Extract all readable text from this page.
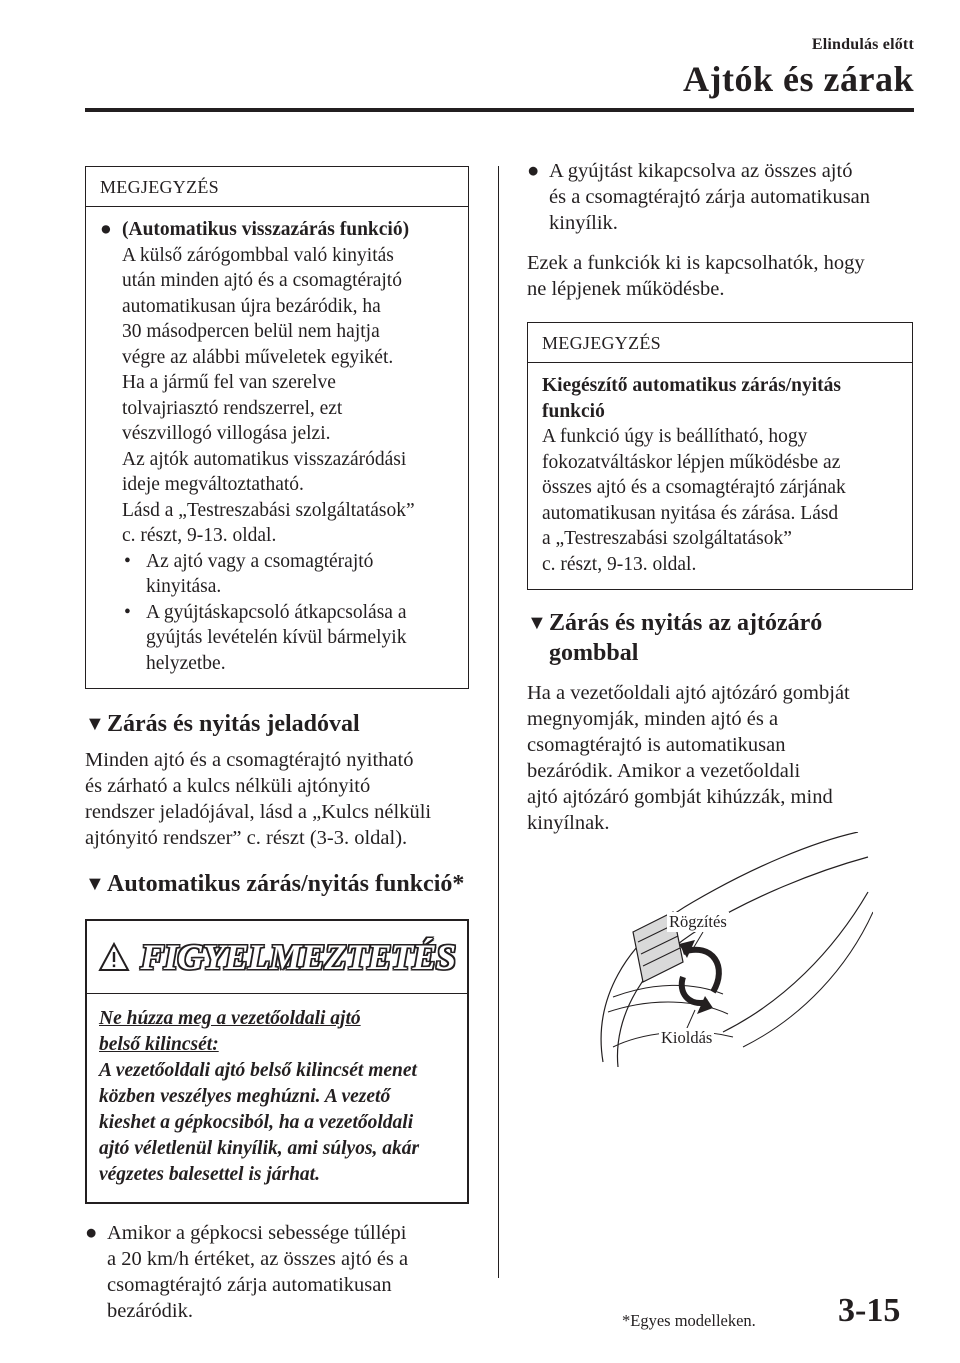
Elindulás előtt
Ajtók és zárak
MEGJEGYZÉS
● (Automatikus visszazárás funkció)
A külső zárógombbal való kinyitás
után minden ajtó és a csomagtérajtó
automatikusan újra bezáródik, ha
30 másodpercen belül nem hajtja
végre az alábbi műveletek egyikét.
Ha a jármű fel van szerelve
tolvajriasztó rendszerrel, ezt
vészvillogó villogása jelzi.
Az ajtók automatikus visszazáródási
ideje megváltoztatható.
Lásd a „Testreszabási szolgáltatások”
c. részt, 9-13. oldal.
• Az ajtó vagy a csomagtérajtó
kinyitása.
• A gyújtáskapcsoló átkapcsolása a
gyújtás levételén kívül bármelyik
helyzetbe.
▼ Zárás és nyitás jeladóval
Minden ajtó és a csomagtérajtó nyitható
és zárható a kulcs nélküli ajtónyitó
rendszer jeladójával, lásd a „Kulcs nélküli
ajtónyitó rendszer” c. részt (3-3. oldal).
▼ Automatikus zárás/nyitás funkció*
FIGYELMEZTETÉS
Ne húzza meg a vezetőoldali ajtó
belső kilincsét:
A vezetőoldali ajtó belső kilincsét menet
közben veszélyes meghúzni. A vezető
kieshet a gépkocsiból, ha a vezetőoldali
ajtó véletlenül kinyílik, ami súlyos, akár
végzetes balesettel is járhat.
● Amikor a gépkocsi sebessége túllépi
a 20 km/h értéket, az összes ajtó és a
csomagtérajtó zárja automatikusan
bezáródik.
● A gyújtást kikapcsolva az összes ajtó
és a csomagtérajtó zárja automatikusan
kinyílik.
Ezek a funkciók ki is kapcsolhatók, hogy
ne lépjenek működésbe.
MEGJEGYZÉS
Kiegészítő automatikus zárás/nyitás
funkció
A funkció úgy is beállítható, hogy
fokozatváltáskor lépjen működésbe az
összes ajtó és a csomagtérajtó zárjának
automatikusan nyitása és zárása. Lásd
a „Testreszabási szolgáltatások”
c. részt, 9-13. oldal.
▼ Zárás és nyitás az ajtózáró
gombbal
Ha a vezetőoldali ajtó ajtózáró gombját
megnyomják, minden ajtó és a
csomagtérajtó is automatikusan
bezáródik. Amikor a vezetőoldali
ajtó ajtózáró gombját kihúzzák, mind
kinyílnak.
Rögzítés
Kioldás
*Egyes modelleken. 3-15
